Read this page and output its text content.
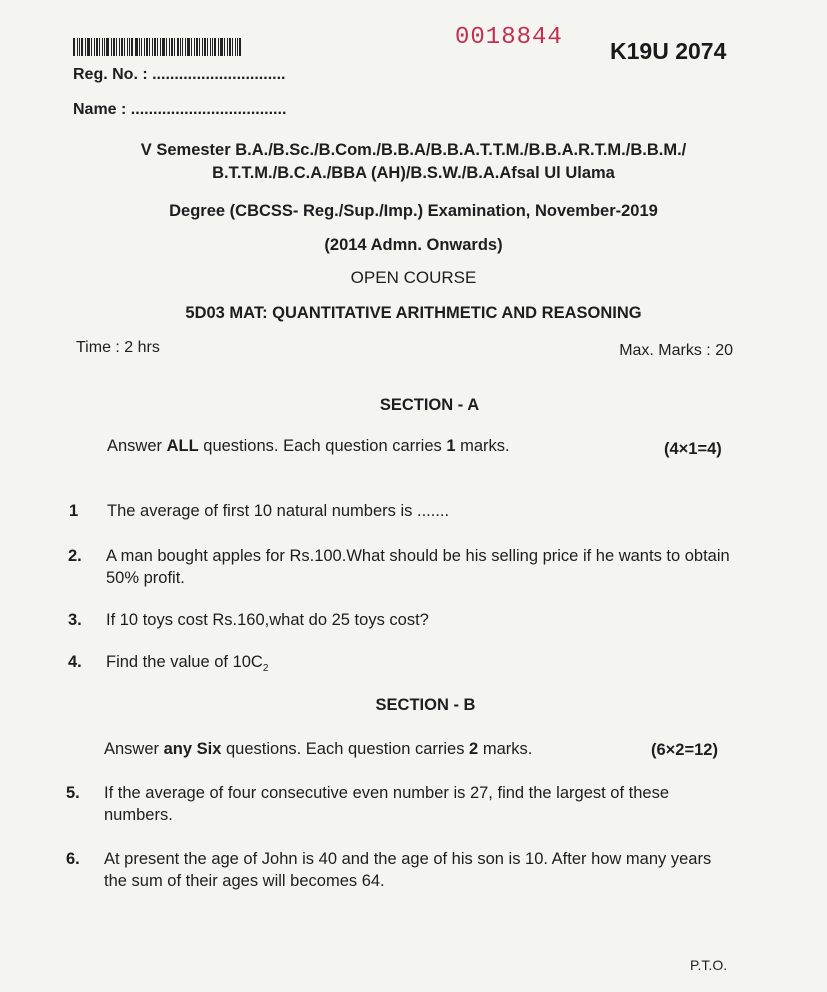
0018844 K19U 2074
Reg. No. : ..............................
Name : ...................................
V Semester B.A./B.Sc./B.Com./B.B.A/B.B.A.T.T.M./B.B.A.R.T.M./B.B.M./
B.T.T.M./B.C.A./BBA (AH)/B.S.W./B.A.Afsal Ul Ulama
Degree (CBCSS- Reg./Sup./Imp.) Examination, November-2019
(2014 Admn. Onwards)
OPEN COURSE
5D03 MAT: QUANTITATIVE ARITHMETIC AND REASONING
Time : 2 hrs	Max. Marks : 20
SECTION - A
Answer ALL questions. Each question carries 1 marks.	(4×1=4)
1 The average of first 10 natural numbers is .......
2. A man bought apples for Rs.100.What should be his selling price if he wants to obtain 50% profit.
3. If 10 toys cost Rs.160,what do 25 toys cost?
4. Find the value of $10C_2$
SECTION - B
Answer any Six questions. Each question carries 2 marks.	(6×2=12)
5. If the average of four consecutive even number is 27, find the largest of these numbers.
6. At present the age of John is 40 and the age of his son is 10. After how many years the sum of their ages will becomes 64.
P.T.O.
